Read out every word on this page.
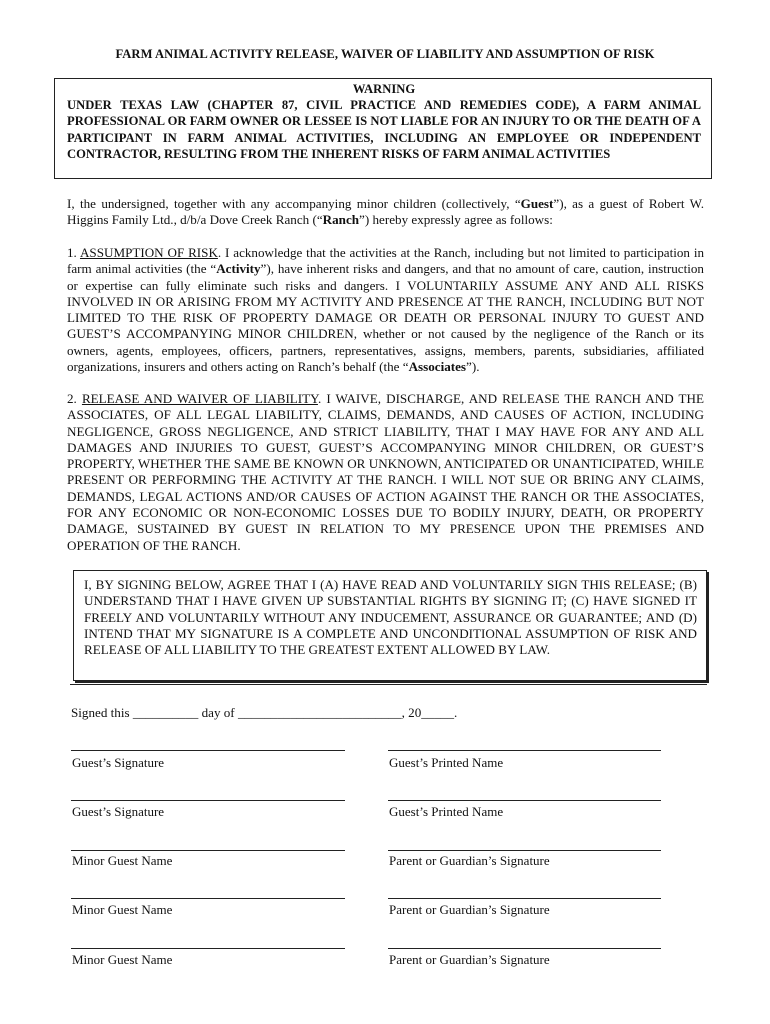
FARM ANIMAL ACTIVITY RELEASE, WAIVER OF LIABILITY AND ASSUMPTION OF RISK
WARNING
UNDER TEXAS LAW (CHAPTER 87, CIVIL PRACTICE AND REMEDIES CODE), A FARM ANIMAL PROFESSIONAL OR FARM OWNER OR LESSEE IS NOT LIABLE FOR AN INJURY TO OR THE DEATH OF A PARTICIPANT IN FARM ANIMAL ACTIVITIES, INCLUDING AN EMPLOYEE OR INDEPENDENT CONTRACTOR, RESULTING FROM THE INHERENT RISKS OF FARM ANIMAL ACTIVITIES

I, the undersigned, together with any accompanying minor children (collectively, “Guest”), as a guest of Robert W. Higgins Family Ltd., d/b/a Dove Creek Ranch (“Ranch”) hereby expressly agree as follows:

1. ASSUMPTION OF RISK. I acknowledge that the activities at the Ranch, including but not limited to participation in farm animal activities (the “Activity”), have inherent risks and dangers, and that no amount of care, caution, instruction or expertise can fully eliminate such risks and dangers. I VOLUNTARILY ASSUME ANY AND ALL RISKS INVOLVED IN OR ARISING FROM MY ACTIVITY AND PRESENCE AT THE RANCH, INCLUDING BUT NOT LIMITED TO THE RISK OF PROPERTY DAMAGE OR DEATH OR PERSONAL INJURY TO GUEST AND GUEST’S ACCOMPANYING MINOR CHILDREN, whether or not caused by the negligence of the Ranch or its owners, agents, employees, officers, partners, representatives, assigns, members, parents, subsidiaries, affiliated organizations, insurers and others acting on Ranch’s behalf (the “Associates”).

2. RELEASE AND WAIVER OF LIABILITY. I WAIVE, DISCHARGE, AND RELEASE THE RANCH AND THE ASSOCIATES, OF ALL LEGAL LIABILITY, CLAIMS, DEMANDS, AND CAUSES OF ACTION, INCLUDING NEGLIGENCE, GROSS NEGLIGENCE, AND STRICT LIABILITY, THAT I MAY HAVE FOR ANY AND ALL DAMAGES AND INJURIES TO GUEST, GUEST’S ACCOMPANYING MINOR CHILDREN, OR GUEST’S PROPERTY, WHETHER THE SAME BE KNOWN OR UNKNOWN, ANTICIPATED OR UNANTICIPATED, WHILE PRESENT OR PERFORMING THE ACTIVITY AT THE RANCH. I WILL NOT SUE OR BRING ANY CLAIMS, DEMANDS, LEGAL ACTIONS AND/OR CAUSES OF ACTION AGAINST THE RANCH OR THE ASSOCIATES, FOR ANY ECONOMIC OR NON-ECONOMIC LOSSES DUE TO BODILY INJURY, DEATH, OR PROPERTY DAMAGE, SUSTAINED BY GUEST IN RELATION TO MY PRESENCE UPON THE PREMISES AND OPERATION OF THE RANCH.

I, BY SIGNING BELOW, AGREE THAT I (A) HAVE READ AND VOLUNTARILY SIGN THIS RELEASE; (B) UNDERSTAND THAT I HAVE GIVEN UP SUBSTANTIAL RIGHTS BY SIGNING IT; (C) HAVE SIGNED IT FREELY AND VOLUNTARILY WITHOUT ANY INDUCEMENT, ASSURANCE OR GUARANTEE; AND (D) INTEND THAT MY SIGNATURE IS A COMPLETE AND UNCONDITIONAL ASSUMPTION OF RISK AND RELEASE OF ALL LIABILITY TO THE GREATEST EXTENT ALLOWED BY LAW.
Signed this __________ day of _________________________, 20_____.
Guest’s Signature	Guest’s Printed Name
Guest’s Signature	Guest’s Printed Name
Minor Guest Name	Parent or Guardian’s Signature
Minor Guest Name	Parent or Guardian’s Signature
Minor Guest Name	Parent or Guardian’s Signature
